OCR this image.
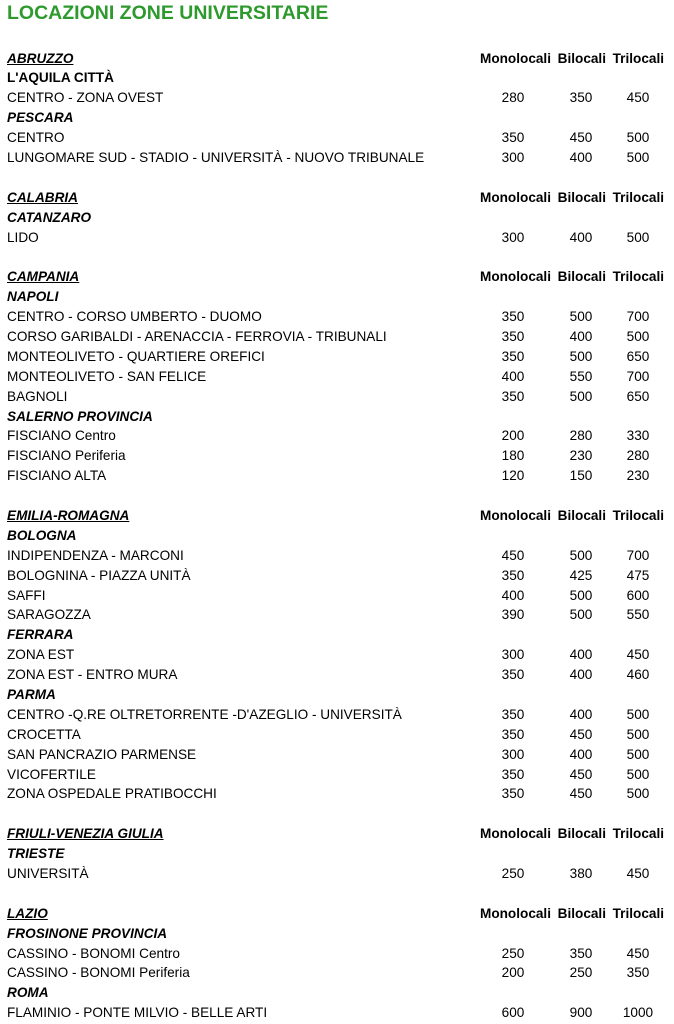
LOCAZIONI ZONE UNIVERSITARIE
ABRUZZO	Monolocali Bilocali Trilocali
L'AQUILA CITTÀ
CENTRO - ZONA OVEST	280	350	450
PESCARA
CENTRO	350	450	500
LUNGOMARE SUD - STADIO - UNIVERSITÀ - NUOVO TRIBUNALE	300	400	500
CALABRIA	Monolocali Bilocali Trilocali
CATANZARO
LIDO	300	400	500
CAMPANIA	Monolocali Bilocali Trilocali
NAPOLI
CENTRO - CORSO UMBERTO - DUOMO	350	500	700
CORSO GARIBALDI - ARENACCIA - FERROVIA - TRIBUNALI	350	400	500
MONTEOLIVETO - QUARTIERE OREFICI	350	500	650
MONTEOLIVETO - SAN FELICE	400	550	700
BAGNOLI	350	500	650
SALERNO PROVINCIA
FISCIANO Centro	200	280	330
FISCIANO Periferia	180	230	280
FISCIANO ALTA	120	150	230
EMILIA-ROMAGNA	Monolocali Bilocali Trilocali
BOLOGNA
INDIPENDENZA - MARCONI	450	500	700
BOLOGNINA - PIAZZA UNITÀ	350	425	475
SAFFI	400	500	600
SARAGOZZA	390	500	550
FERRARA
ZONA EST	300	400	450
ZONA EST - ENTRO MURA	350	400	460
PARMA
CENTRO -Q.RE OLTRETORRENTE -D'AZEGLIO - UNIVERSITÀ	350	400	500
CROCETTA	350	450	500
SAN PANCRAZIO PARMENSE	300	400	500
VICOFERTILE	350	450	500
ZONA OSPEDALE PRATIBOCCHI	350	450	500
FRIULI-VENEZIA GIULIA	Monolocali Bilocali Trilocali
TRIESTE
UNIVERSITÀ	250	380	450
LAZIO	Monolocali Bilocali Trilocali
FROSINONE PROVINCIA
CASSINO - BONOMI Centro	250	350	450
CASSINO - BONOMI Periferia	200	250	350
ROMA
FLAMINIO - PONTE MILVIO - BELLE ARTI	600	900	1000
